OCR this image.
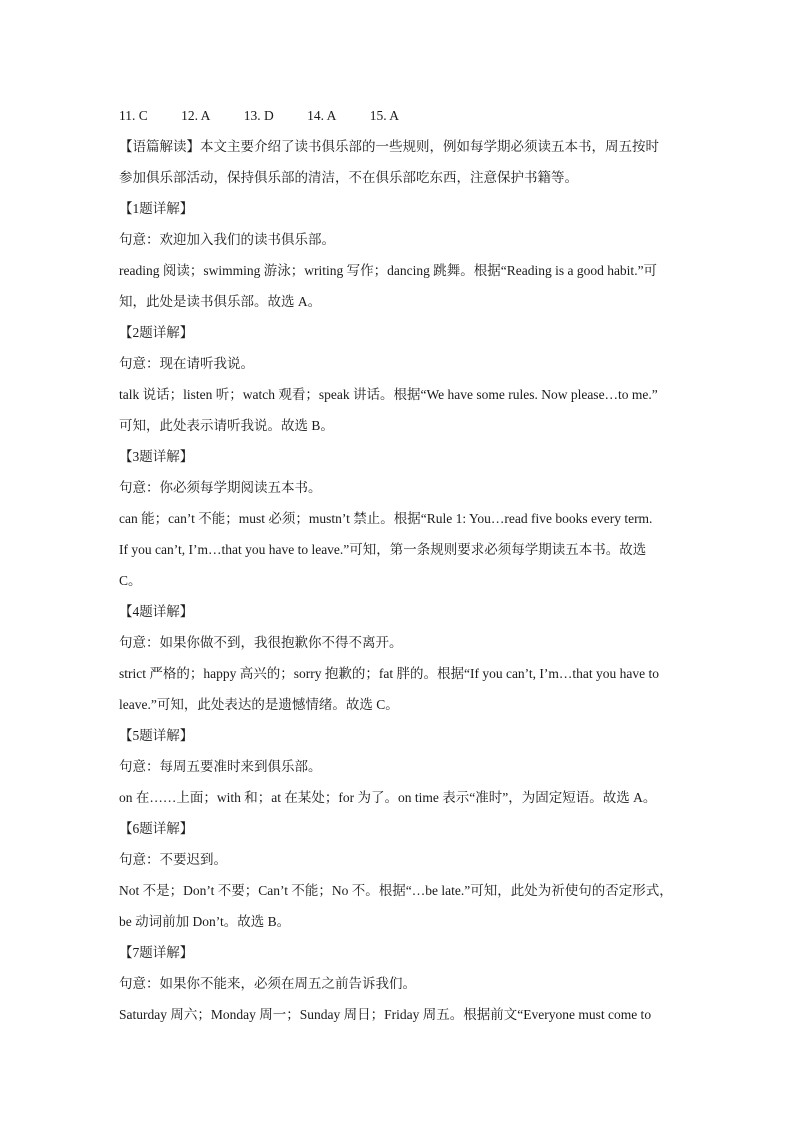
11. C 12. A 13. D 14. A 15. A
【语篇解读】本文主要介绍了读书俱乐部的一些规则，例如每学期必须读五本书，周五按时
参加俱乐部活动，保持俱乐部的清洁，不在俱乐部吃东西，注意保护书籍等。
【1题详解】
句意：欢迎加入我们的读书俱乐部。
reading 阅读；swimming 游泳；writing 写作；dancing 跳舞。根据“Reading is a good habit.”可
知，此处是读书俱乐部。故选 A。
【2题详解】
句意：现在请听我说。
talk 说话；listen 听；watch 观看；speak 讲话。根据“We have some rules. Now please…to me.”
可知，此处表示请听我说。故选 B。
【3题详解】
句意：你必须每学期阅读五本书。
can 能；can’t 不能；must 必须；mustn’t 禁止。根据“Rule 1: You…read five books every term.
If you can’t, I’m…that you have to leave.”可知，第一条规则要求必须每学期读五本书。故选
C。
【4题详解】
句意：如果你做不到，我很抱歉你不得不离开。
strict 严格的；happy 高兴的；sorry 抱歉的；fat 胖的。根据“If you can’t, I’m…that you have to
leave.”可知，此处表达的是遗憾情绪。故选 C。
【5题详解】
句意：每周五要准时来到俱乐部。
on 在……上面；with 和；at 在某处；for 为了。on time 表示“准时”，为固定短语。故选 A。
【6题详解】
句意：不要迟到。
Not 不是；Don’t 不要；Can’t 不能；No 不。根据“…be late.”可知，此处为祈使句的否定形式，
be 动词前加 Don’t。故选 B。
【7题详解】
句意：如果你不能来，必须在周五之前告诉我们。
Saturday 周六；Monday 周一；Sunday 周日；Friday 周五。根据前文“Everyone must come to
